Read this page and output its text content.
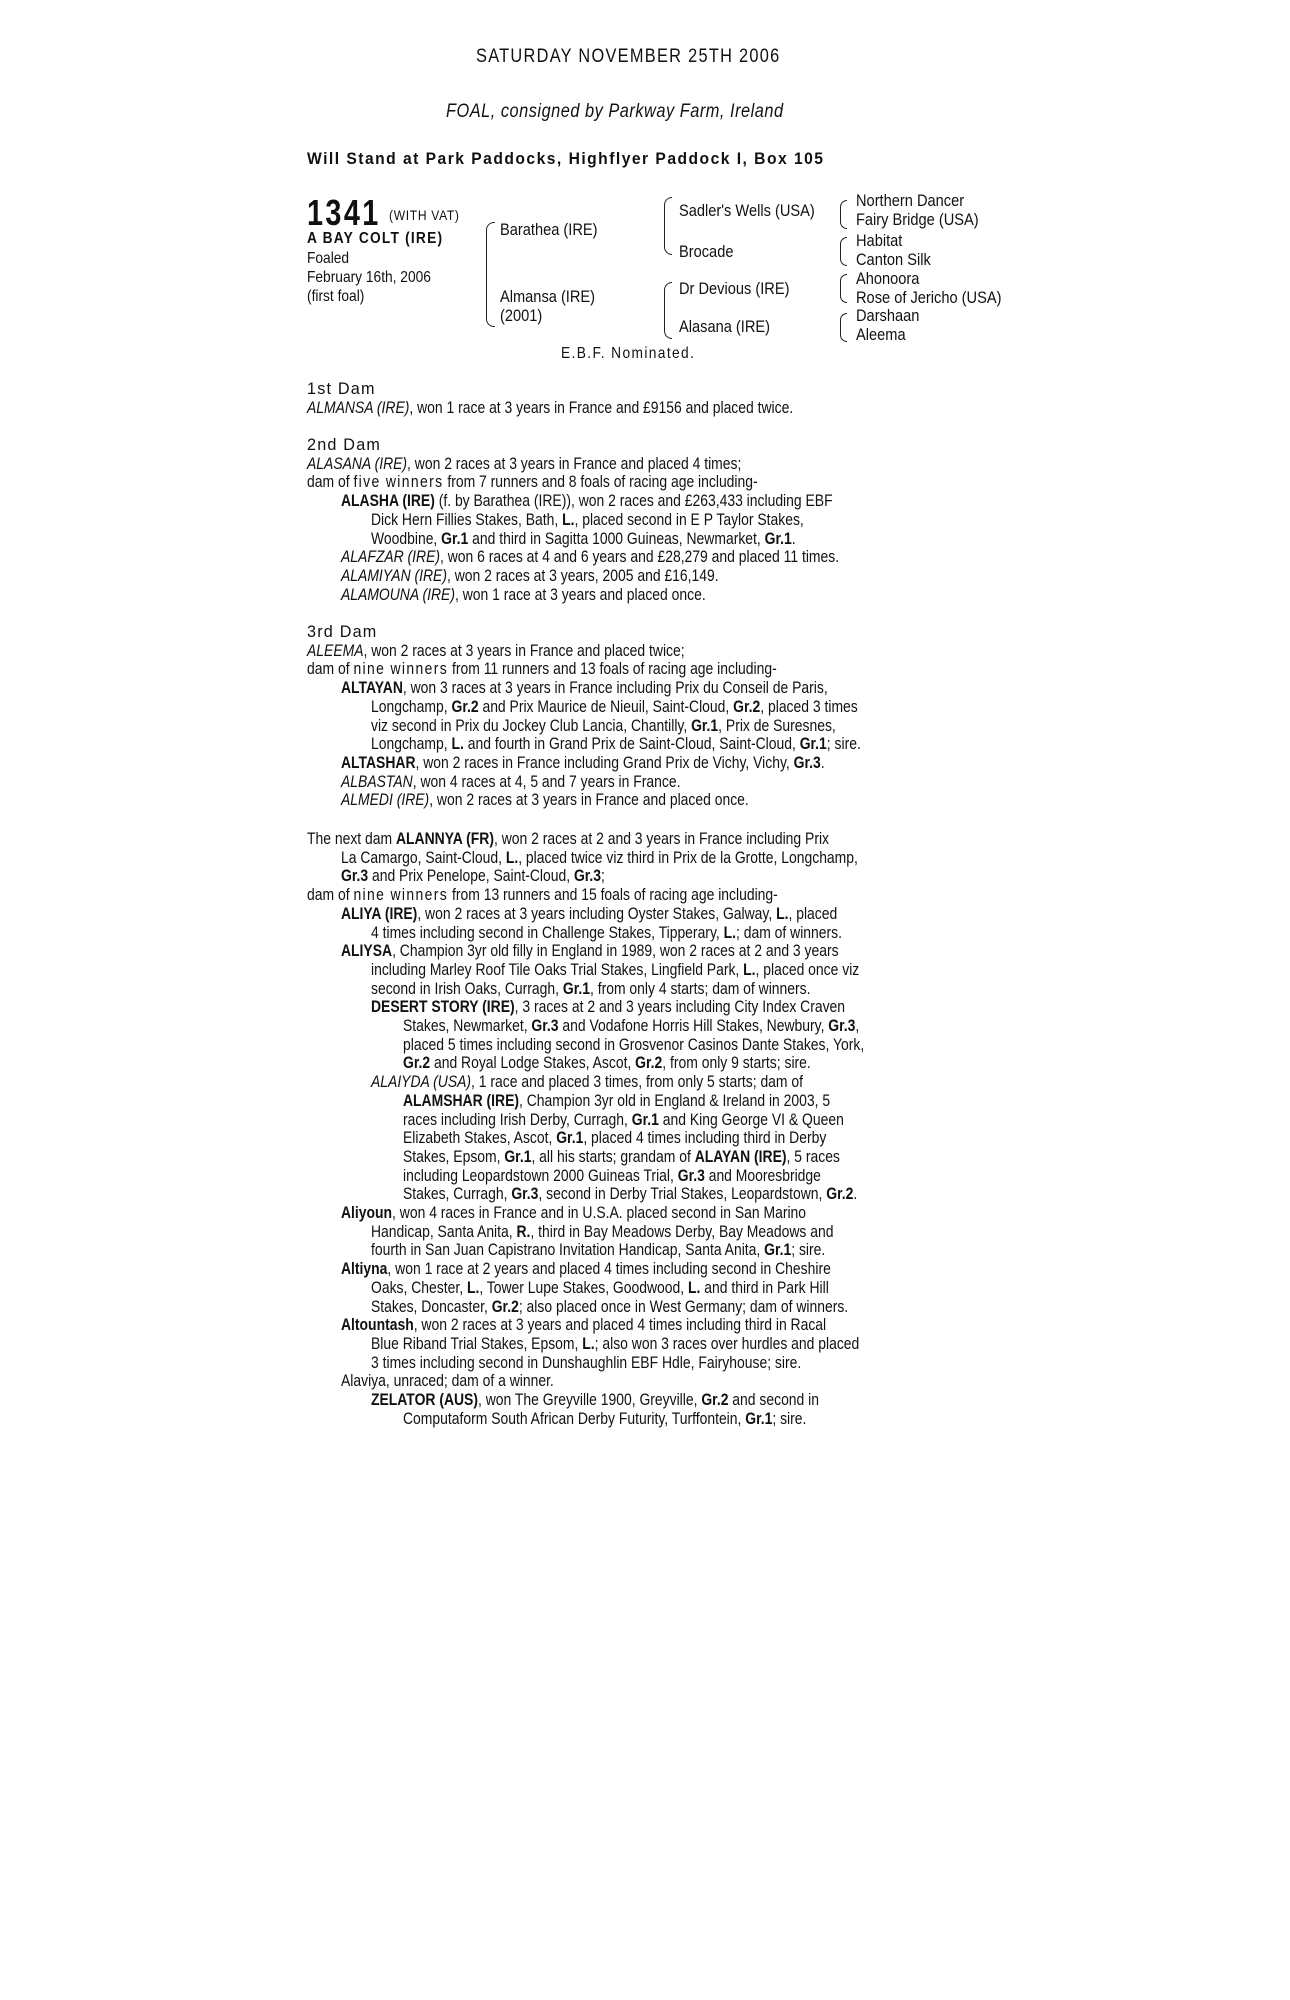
SATURDAY NOVEMBER 25TH 2006
FOAL, consigned by Parkway Farm, Ireland
Will Stand at Park Paddocks, Highflyer Paddock I, Box 105
1341 (WITH VAT)
A BAY COLT (IRE)
Foaled
February 16th, 2006
(first foal)
Barathea (IRE)
Almansa (IRE)
(2001)
Sadler's Wells (USA)
Brocade
Dr Devious (IRE)
Alasana (IRE)
Northern Dancer
Fairy Bridge (USA)
Habitat
Canton Silk
Ahonoora
Rose of Jericho (USA)
Darshaan
Aleema
E.B.F. Nominated.

1st Dam

ALMANSA (IRE), won 1 race at 3 years in France and £9156 and placed twice.

2nd Dam

ALASANA (IRE), won 2 races at 3 years in France and placed 4 times;

dam of five winners from 7 runners and 8 foals of racing age including-

ALASHA (IRE) (f. by Barathea (IRE)), won 2 races and £263,433 including EBF

Dick Hern Fillies Stakes, Bath, L., placed second in E P Taylor Stakes,

Woodbine, Gr.1 and third in Sagitta 1000 Guineas, Newmarket, Gr.1.

ALAFZAR (IRE), won 6 races at 4 and 6 years and £28,279 and placed 11 times.

ALAMIYAN (IRE), won 2 races at 3 years, 2005 and £16,149.

ALAMOUNA (IRE), won 1 race at 3 years and placed once.

3rd Dam

ALEEMA, won 2 races at 3 years in France and placed twice;

dam of nine winners from 11 runners and 13 foals of racing age including-

ALTAYAN, won 3 races at 3 years in France including Prix du Conseil de Paris,

Longchamp, Gr.2 and Prix Maurice de Nieuil, Saint-Cloud, Gr.2, placed 3 times

viz second in Prix du Jockey Club Lancia, Chantilly, Gr.1, Prix de Suresnes,

Longchamp, L. and fourth in Grand Prix de Saint-Cloud, Saint-Cloud, Gr.1; sire.

ALTASHAR, won 2 races in France including Grand Prix de Vichy, Vichy, Gr.3.

ALBASTAN, won 4 races at 4, 5 and 7 years in France.

ALMEDI (IRE), won 2 races at 3 years in France and placed once.

The next dam ALANNYA (FR), won 2 races at 2 and 3 years in France including Prix

La Camargo, Saint-Cloud, L., placed twice viz third in Prix de la Grotte, Longchamp,

Gr.3 and Prix Penelope, Saint-Cloud, Gr.3;

dam of nine winners from 13 runners and 15 foals of racing age including-

ALIYA (IRE), won 2 races at 3 years including Oyster Stakes, Galway, L., placed

4 times including second in Challenge Stakes, Tipperary, L.; dam of winners.

ALIYSA, Champion 3yr old filly in England in 1989, won 2 races at 2 and 3 years

including Marley Roof Tile Oaks Trial Stakes, Lingfield Park, L., placed once viz

second in Irish Oaks, Curragh, Gr.1, from only 4 starts; dam of winners.

DESERT STORY (IRE), 3 races at 2 and 3 years including City Index Craven

Stakes, Newmarket, Gr.3 and Vodafone Horris Hill Stakes, Newbury, Gr.3,

placed 5 times including second in Grosvenor Casinos Dante Stakes, York,

Gr.2 and Royal Lodge Stakes, Ascot, Gr.2, from only 9 starts; sire.

ALAIYDA (USA), 1 race and placed 3 times, from only 5 starts; dam of

ALAMSHAR (IRE), Champion 3yr old in England & Ireland in 2003, 5

races including Irish Derby, Curragh, Gr.1 and King George VI & Queen

Elizabeth Stakes, Ascot, Gr.1, placed 4 times including third in Derby

Stakes, Epsom, Gr.1, all his starts; grandam of ALAYAN (IRE), 5 races

including Leopardstown 2000 Guineas Trial, Gr.3 and Mooresbridge

Stakes, Curragh, Gr.3, second in Derby Trial Stakes, Leopardstown, Gr.2.

Aliyoun, won 4 races in France and in U.S.A. placed second in San Marino

Handicap, Santa Anita, R., third in Bay Meadows Derby, Bay Meadows and

fourth in San Juan Capistrano Invitation Handicap, Santa Anita, Gr.1; sire.

Altiyna, won 1 race at 2 years and placed 4 times including second in Cheshire

Oaks, Chester, L., Tower Lupe Stakes, Goodwood, L. and third in Park Hill

Stakes, Doncaster, Gr.2; also placed once in West Germany; dam of winners.

Altountash, won 2 races at 3 years and placed 4 times including third in Racal

Blue Riband Trial Stakes, Epsom, L.; also won 3 races over hurdles and placed

3 times including second in Dunshaughlin EBF Hdle, Fairyhouse; sire.

Alaviya, unraced; dam of a winner.

ZELATOR (AUS), won The Greyville 1900, Greyville, Gr.2 and second in

Computaform South African Derby Futurity, Turffontein, Gr.1; sire.
